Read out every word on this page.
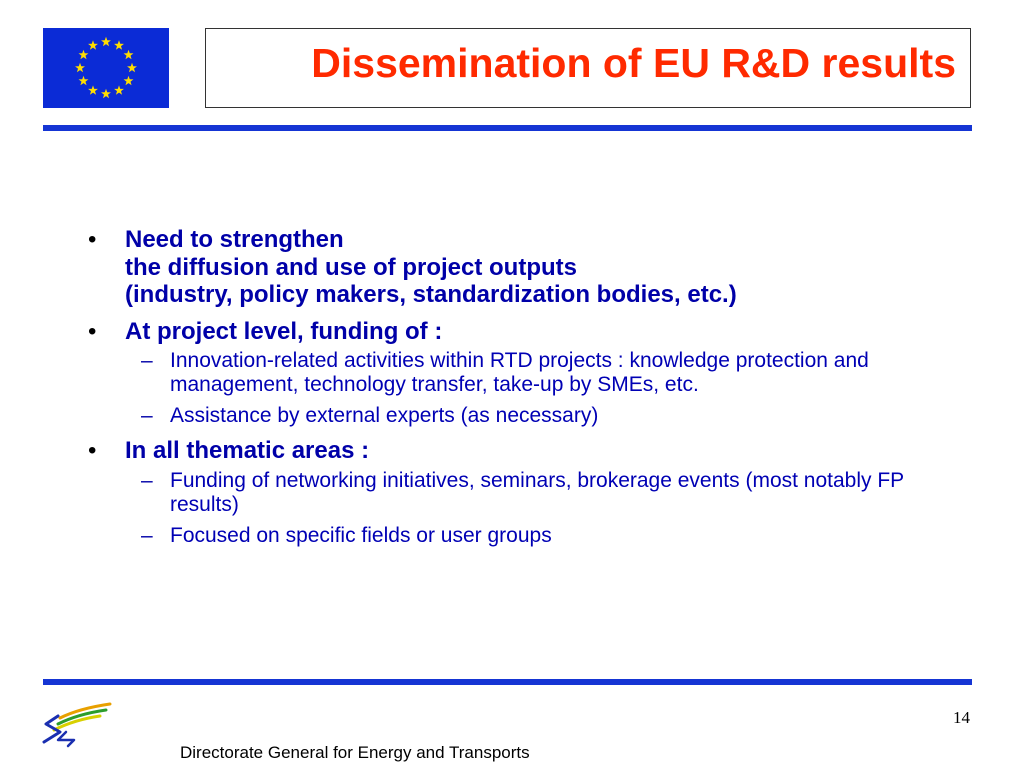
Dissemination of EU R&D results
• Need to strengthen
the diffusion and use of project outputs
(industry, policy makers, standardization bodies, etc.)
• At project level, funding of :
– Innovation-related activities within RTD projects : knowledge protection and management, technology transfer, take-up by SMEs, etc.
– Assistance by external experts (as necessary)
• In all thematic areas :
– Funding of networking initiatives, seminars, brokerage events (most notably FP results)
– Focused on specific fields or user groups
14
Directorate General for Energy and Transports
